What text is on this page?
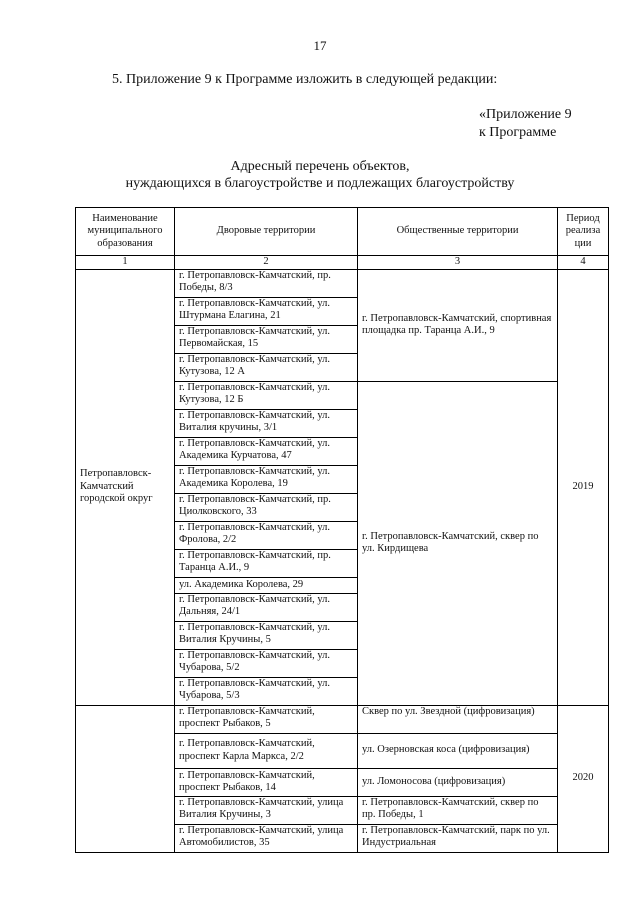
17
5. Приложение 9 к Программе изложить в следующей редакции:
«Приложение 9
к Программе
Адресный перечень объектов,
нуждающихся в благоустройстве и подлежащих благоустройству
Наименование муниципального образования	Дворовые территории	Общественные территории	Период реализа ции
1	2	3	4
Петропавловск-Камчатский городской округ	г. Петропавловск-Камчатский, пр. Победы, 8/3	г. Петропавловск-Камчатский, спортивная площадка пр. Таранца А.И., 9	2019
	г. Петропавловск-Камчатский, ул. Штурмана Елагина, 21		
	г. Петропавловск-Камчатский, ул. Первомайская, 15		
	г. Петропавловск-Камчатский, ул. Кутузова, 12 А		
	г. Петропавловск-Камчатский, ул. Кутузова, 12 Б	г. Петропавловск-Камчатский, сквер по ул. Кирдищева	
	г. Петропавловск-Камчатский, ул. Виталия кручины, 3/1		
	г. Петропавловск-Камчатский, ул. Академика Курчатова, 47		
	г. Петропавловск-Камчатский, ул. Академика Королева, 19		
	г. Петропавловск-Камчатский, пр. Циолковского, 33		
	г. Петропавловск-Камчатский, ул. Фролова, 2/2		
	г. Петропавловск-Камчатский, пр. Таранца А.И., 9		
	ул. Академика Королева, 29		
	г. Петропавловск-Камчатский, ул. Дальняя, 24/1		
	г. Петропавловск-Камчатский, ул. Виталия Кручины, 5		
	г. Петропавловск-Камчатский, ул. Чубарова, 5/2		
	г. Петропавловск-Камчатский, ул. Чубарова, 5/3		
	г. Петропавловск-Камчатский, проспект Рыбаков, 5	Сквер по ул. Звездной (цифровизация)	2020
	г. Петропавловск-Камчатский, проспект Карла Маркса, 2/2	ул. Озерновская коса (цифровизация)	
	г. Петропавловск-Камчатский, проспект Рыбаков, 14	ул. Ломоносова (цифровизация)	
	г. Петропавловск-Камчатский, улица Виталия Кручины, 3	г. Петропавловск-Камчатский, сквер по пр. Победы, 1	
	г. Петропавловск-Камчатский, улица Автомобилистов, 35	г. Петропавловск-Камчатский, парк по ул. Индустриальная	
